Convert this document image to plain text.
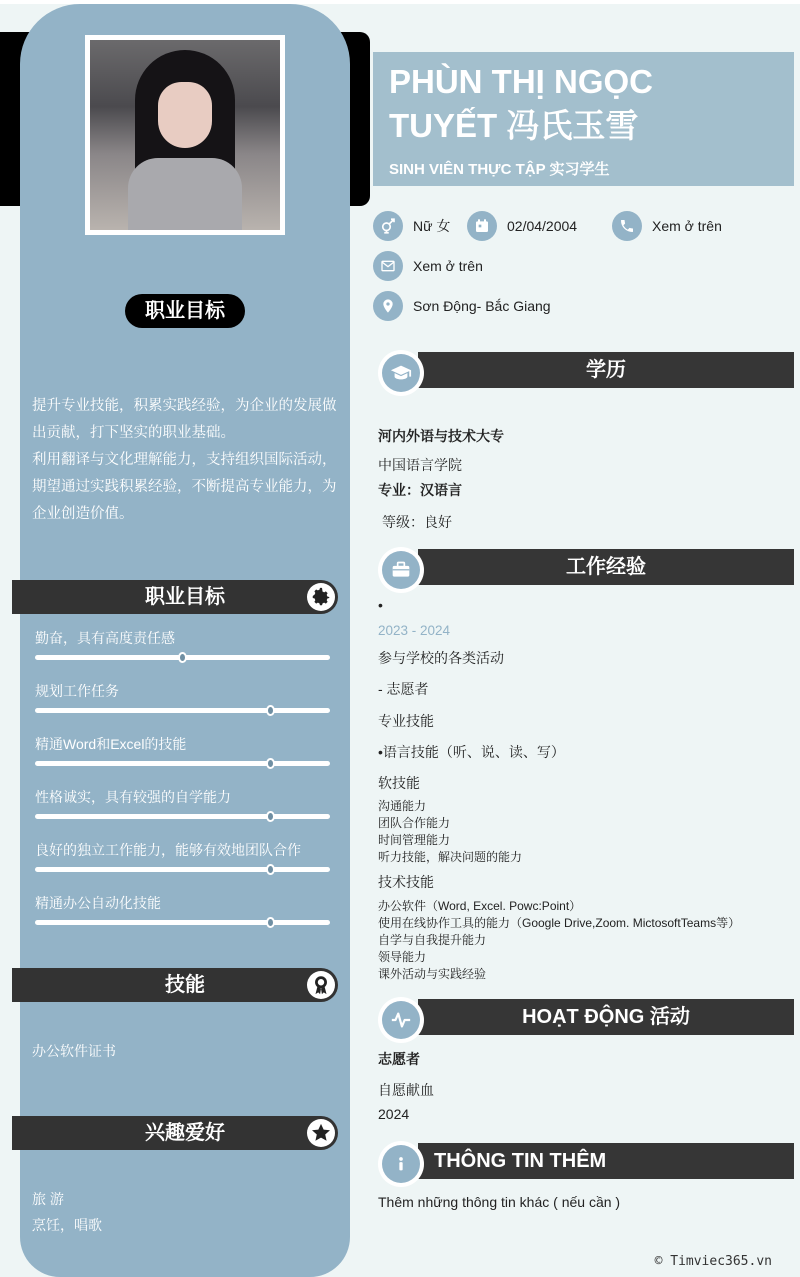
职业目标
提升专业技能，积累实践经验，为企业的发展做
出贡献，打下坚实的职业基础。
利用翻译与文化理解能力，支持组织国际活动，
期望通过实践积累经验，不断提高专业能力，为
企业创造价值。
职业目标
勤奋，具有高度责任感
规划工作任务
精通Word和Excel的技能
性格诚实，具有较强的自学能力
良好的独立工作能力，能够有效地团队合作
精通办公自动化技能
技能
办公软件证书
兴趣爱好
旅 游
烹饪，唱歌
PHÙN THỊ NGỌC
TUYẾT 冯氏玉雪
SINH VIÊN THỰC TẬP 实习学生
Nữ 女	02/04/2004	Xem ở trên
Xem ở trên
Sơn Động- Bắc Giang
学历
河内外语与技术大专
中国语言学院
专业：汉语言
等级：良好
工作经验
•
2023 - 2024
参与学校的各类活动
- 志愿者
专业技能
•语言技能（听、说、读、写）
软技能
沟通能力
团队合作能力
时间管理能力
听力技能，解决问题的能力
技术技能
办公软件（Word, Excel. Powc:Point）
使用在线协作工具的能力（Google Drive,Zoom. MictosoftTeams等）
自学与自我提升能力
领导能力
课外活动与实践经验
HOẠT ĐỘNG 活动
志愿者
自愿献血
2024
THÔNG TIN THÊM
Thêm những thông tin khác ( nếu cần )
© Timviec365.vn
